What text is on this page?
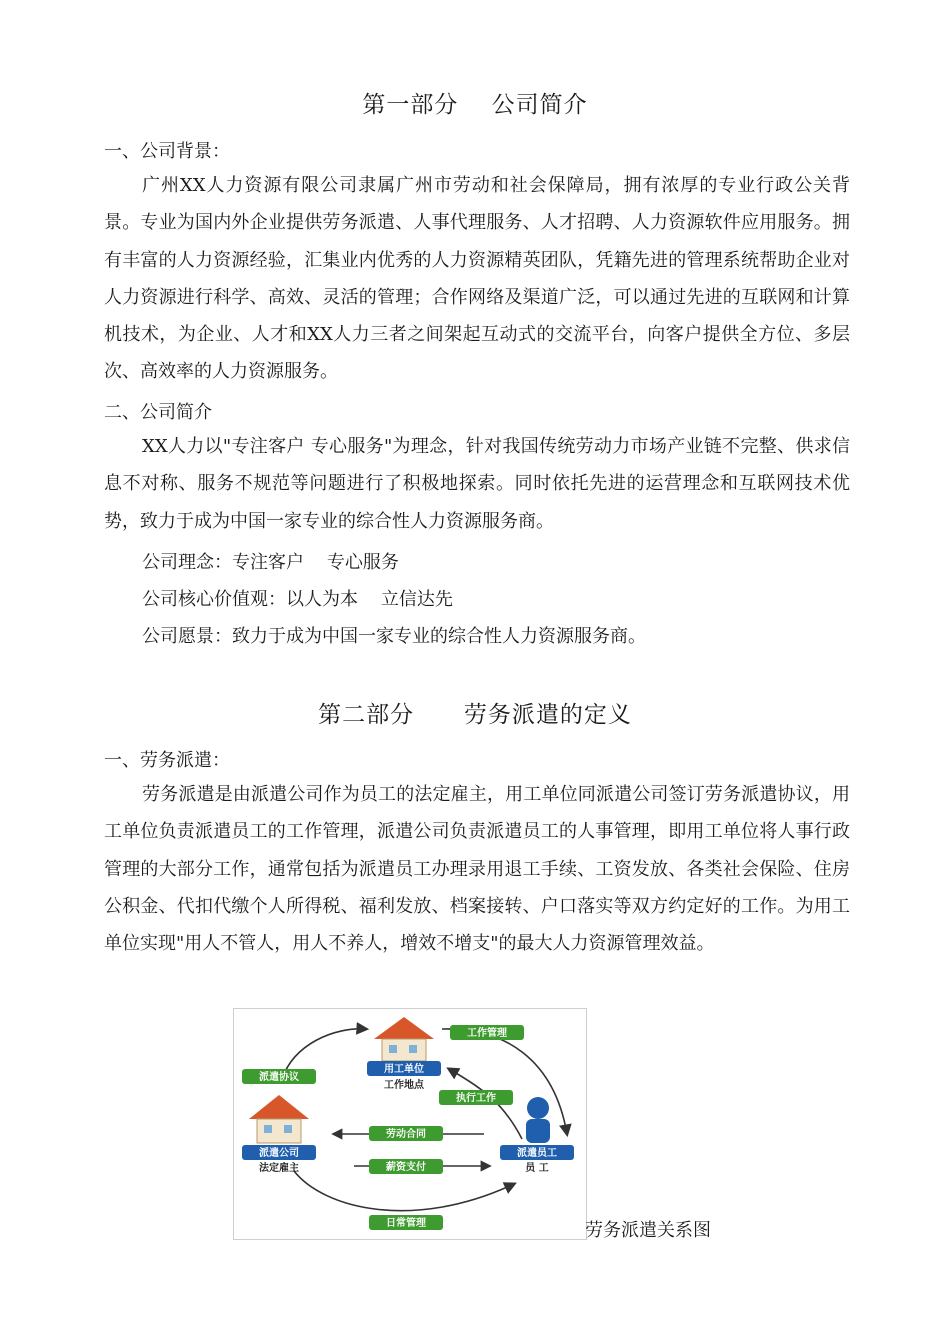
第一部分    公司简介
一、公司背景：
广州XX人力资源有限公司隶属广州市劳动和社会保障局，拥有浓厚的专业行政公关背景。专业为国内外企业提供劳务派遣、人事代理服务、人才招聘、人力资源软件应用服务。拥有丰富的人力资源经验，汇集业内优秀的人力资源精英团队，凭籍先进的管理系统帮助企业对人力资源进行科学、高效、灵活的管理；合作网络及渠道广泛，可以通过先进的互联网和计算机技术，为企业、人才和XX人力三者之间架起互动式的交流平台，向客户提供全方位、多层次、高效率的人力资源服务。
二、公司简介
XX人力以"专注客户 专心服务"为理念，针对我国传统劳动力市场产业链不完整、供求信息不对称、服务不规范等问题进行了积极地探索。同时依托先进的运营理念和互联网技术优势，致力于成为中国一家专业的综合性人力资源服务商。
公司理念：专注客户    专心服务
公司核心价值观：以人为本    立信达先
公司愿景：致力于成为中国一家专业的综合性人力资源服务商。
第二部分      劳务派遣的定义
一、劳务派遣：
劳务派遣是由派遣公司作为员工的法定雇主，用工单位同派遣公司签订劳务派遣协议，用工单位负责派遣员工的工作管理，派遣公司负责派遣员工的人事管理，即用工单位将人事行政管理的大部分工作，通常包括为派遣员工办理录用退工手续、工资发放、各类社会保险、住房公积金、代扣代缴个人所得税、福利发放、档案接转、户口落实等双方约定好的工作。为用工单位实现"用人不管人，用人不养人，增效不增支"的最大人力资源管理效益。
用工单位
工作地点
派遣公司
法定雇主
派遣员工
员 工
工作管理
派遣协议
执行工作
劳动合同
薪资支付
日常管理	劳务派遣关系图
